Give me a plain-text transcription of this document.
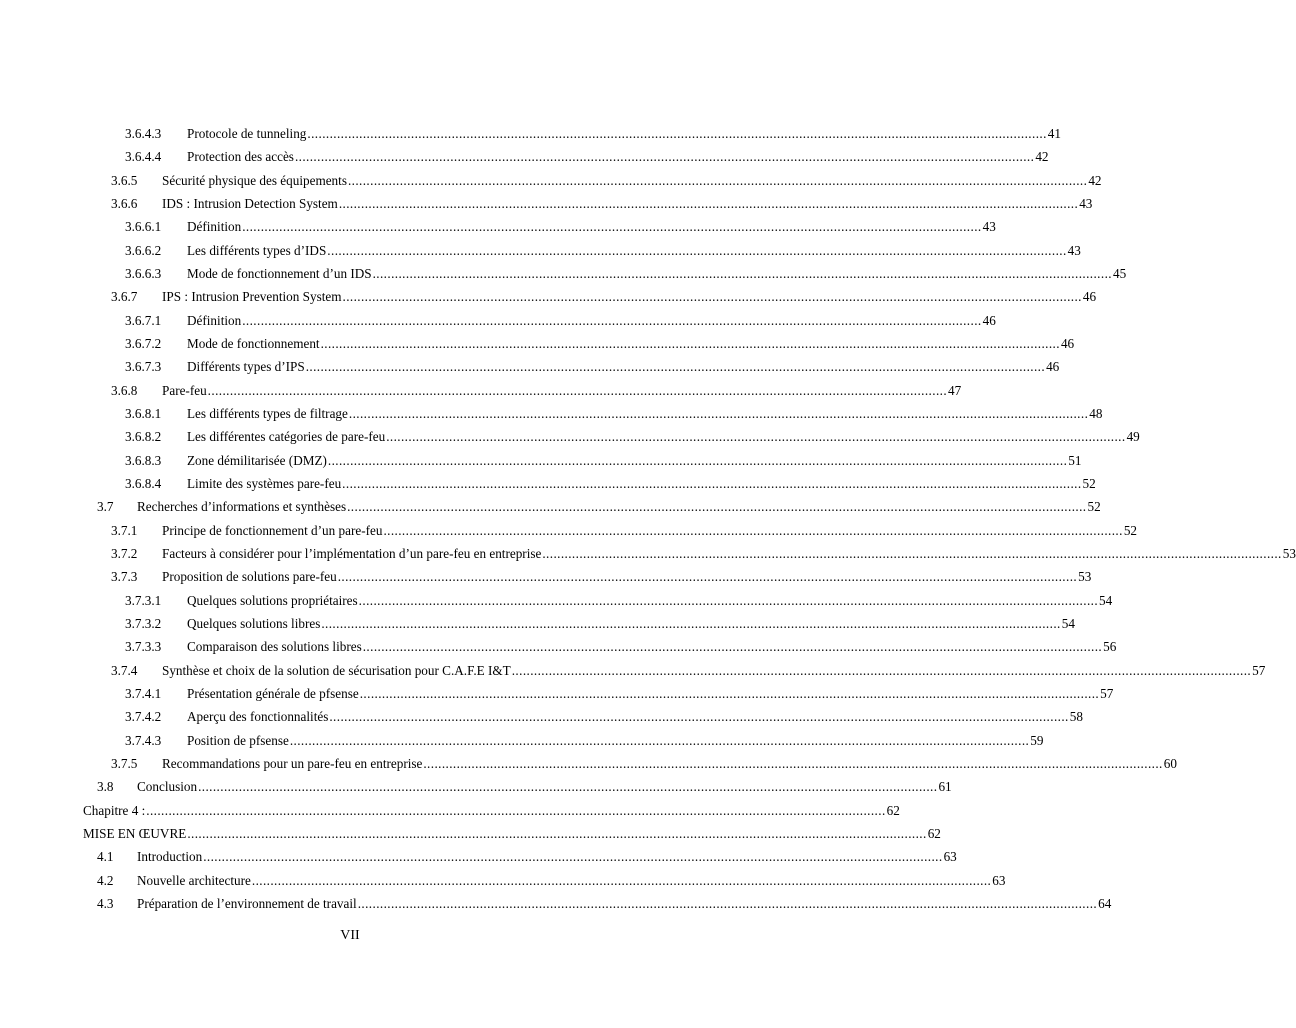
3.6.4.3 Protocole de tunneling ........................................................................................................................................................................................................ 41
3.6.4.4 Protection des accès ........................................................................................................................................................................................................ 42
3.6.5 Sécurité physique des équipements ........................................................................................................................................................................................................ 42
3.6.6 IDS : Intrusion Detection System ........................................................................................................................................................................................................ 43
3.6.6.1 Définition ........................................................................................................................................................................................................ 43
3.6.6.2 Les différents types d’IDS ........................................................................................................................................................................................................ 43
3.6.6.3 Mode de fonctionnement d’un IDS ........................................................................................................................................................................................................ 45
3.6.7 IPS : Intrusion Prevention System ........................................................................................................................................................................................................ 46
3.6.7.1 Définition ........................................................................................................................................................................................................ 46
3.6.7.2 Mode de fonctionnement ........................................................................................................................................................................................................ 46
3.6.7.3 Différents types d’IPS ........................................................................................................................................................................................................ 46
3.6.8 Pare-feu ........................................................................................................................................................................................................ 47
3.6.8.1 Les différents types de filtrage ........................................................................................................................................................................................................ 48
3.6.8.2 Les différentes catégories de pare-feu ........................................................................................................................................................................................................ 49
3.6.8.3 Zone démilitarisée (DMZ) ........................................................................................................................................................................................................ 51
3.6.8.4 Limite des systèmes pare-feu ........................................................................................................................................................................................................ 52
3.7 Recherches d’informations et synthèses ........................................................................................................................................................................................................ 52
3.7.1 Principe de fonctionnement d’un pare-feu ........................................................................................................................................................................................................ 52
3.7.2 Facteurs à considérer pour l’implémentation d’un pare-feu en entreprise ........................................................................................................................................................................................................ 53
3.7.3 Proposition de solutions pare-feu ........................................................................................................................................................................................................ 53
3.7.3.1 Quelques solutions propriétaires ........................................................................................................................................................................................................ 54
3.7.3.2 Quelques solutions libres ........................................................................................................................................................................................................ 54
3.7.3.3 Comparaison des solutions libres ........................................................................................................................................................................................................ 56
3.7.4 Synthèse et choix de la solution de sécurisation pour C.A.F.E I&T ........................................................................................................................................................................................................ 57
3.7.4.1 Présentation générale de pfsense ........................................................................................................................................................................................................ 57
3.7.4.2 Aperçu des fonctionnalités ........................................................................................................................................................................................................ 58
3.7.4.3 Position de pfsense ........................................................................................................................................................................................................ 59
3.7.5 Recommandations pour un pare-feu en entreprise ........................................................................................................................................................................................................ 60
3.8 Conclusion ........................................................................................................................................................................................................ 61
Chapitre 4 : ........................................................................................................................................................................................................ 62
MISE EN ŒUVRE ........................................................................................................................................................................................................ 62
4.1 Introduction ........................................................................................................................................................................................................ 63
4.2 Nouvelle architecture ........................................................................................................................................................................................................ 63
4.3 Préparation de l’environnement de travail ........................................................................................................................................................................................................ 64
VII
